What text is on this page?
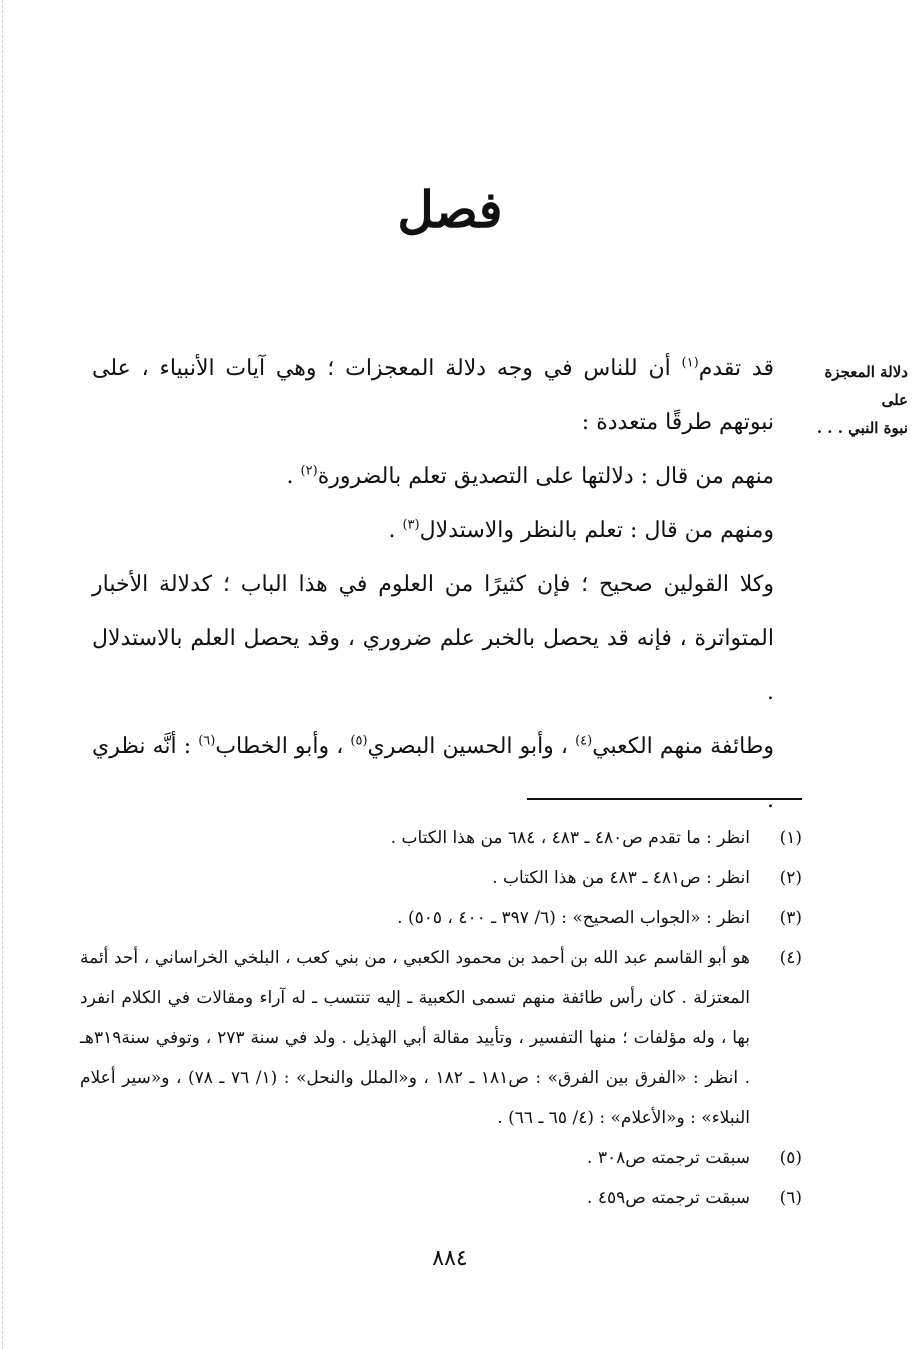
فصل
دلالة المعجزة على
نبوة النبي . . .

قد تقدم$^{(١)}$ أن للناس في وجه دلالة المعجزات ؛ وهي آيات الأنبياء ، على نبوتهم طرقًا متعددة :

منهم من قال : دلالتها على التصديق تعلم بالضرورة$^{(٢)}$ .

ومنهم من قال : تعلم بالنظر والاستدلال$^{(٣)}$ .

وكلا القولين صحيح ؛ فإن كثيرًا من العلوم في هذا الباب ؛ كدلالة الأخبار المتواترة ، فإنه قد يحصل بالخبر علم ضروري ، وقد يحصل العلم بالاستدلال .

وطائفة منهم الكعبي$^{(٤)}$ ، وأبو الحسين البصري$^{(٥)}$ ، وأبو الخطاب$^{(٦)}$ : أنَّه نظري .

(١)
انظر : ما تقدم ص٤٨٠ ـ ٤٨٣ ، ٦٨٤ من هذا الكتاب .
(٢)
انظر : ص٤٨١ ـ ٤٨٣ من هذا الكتاب .
(٣)
انظر : «الجواب الصحيح» : (٦/ ٣٩٧ ـ ٤٠٠ ، ٥٠٥) .
(٤)
هو أبو القاسم عبد الله بن أحمد بن محمود الكعبي ، من بني كعب ، البلخي الخراساني ، أحد أئمة المعتزلة . كان رأس طائفة منهم تسمى الكعبية ـ إليه تنتسب ـ له آراء ومقالات في الكلام انفرد بها ، وله مؤلفات ؛ منها التفسير ، وتأييد مقالة أبي الهذيل . ولد في سنة ٢٧٣ ، وتوفي سنة٣١٩هـ . انظر : «الفرق بين الفرق» : ص١٨١ ـ ١٨٢ ، و«الملل والنحل» : (١/ ٧٦ ـ ٧٨) ، و«سير أعلام النبلاء» : و«الأعلام» : (٤/ ٦٥ ـ ٦٦) .
(٥)
سبقت ترجمته ص٣٠٨ .
(٦)
سبقت ترجمته ص٤٥٩ .
٨٨٤
